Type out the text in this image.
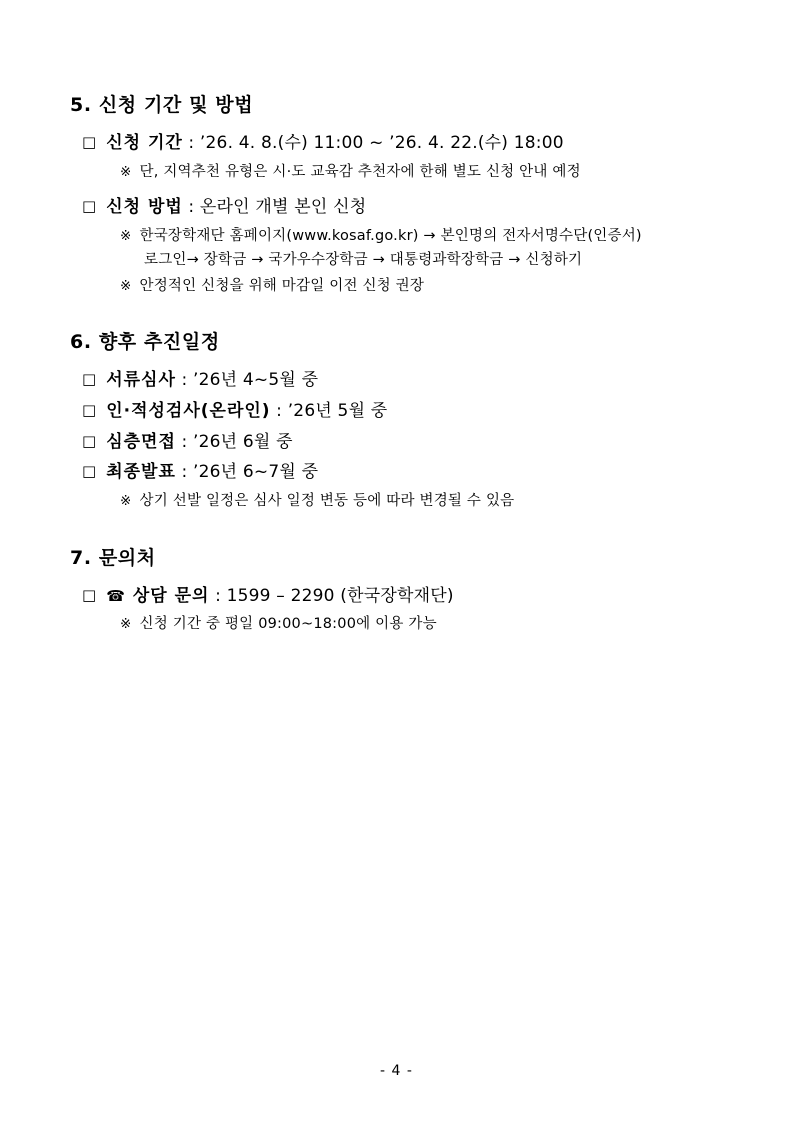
5. 신청 기간 및 방법
□ 신청 기간 : ’26. 4. 8.(수) 11:00 ~ ’26. 4. 22.(수) 18:00
※ 단, 지역추천 유형은 시·도 교육감 추천자에 한해 별도 신청 안내 예정
□ 신청 방법 : 온라인 개별 본인 신청
※ 한국장학재단 홈페이지(www.kosaf.go.kr) → 본인명의 전자서명수단(인증서)
로그인→ 장학금 → 국가우수장학금 → 대통령과학장학금 → 신청하기
※ 안정적인 신청을 위해 마감일 이전 신청 권장
6. 향후 추진일정
□ 서류심사 : ’26년 4~5월 중
□ 인·적성검사(온라인) : ’26년 5월 중
□ 심층면접 : ’26년 6월 중
□ 최종발표 : ’26년 6~7월 중
※ 상기 선발 일정은 심사 일정 변동 등에 따라 변경될 수 있음
7. 문의처
□ ☎ 상담 문의 : 1599 – 2290 (한국장학재단)
※ 신청 기간 중 평일 09:00~18:00에 이용 가능
- 4 -
